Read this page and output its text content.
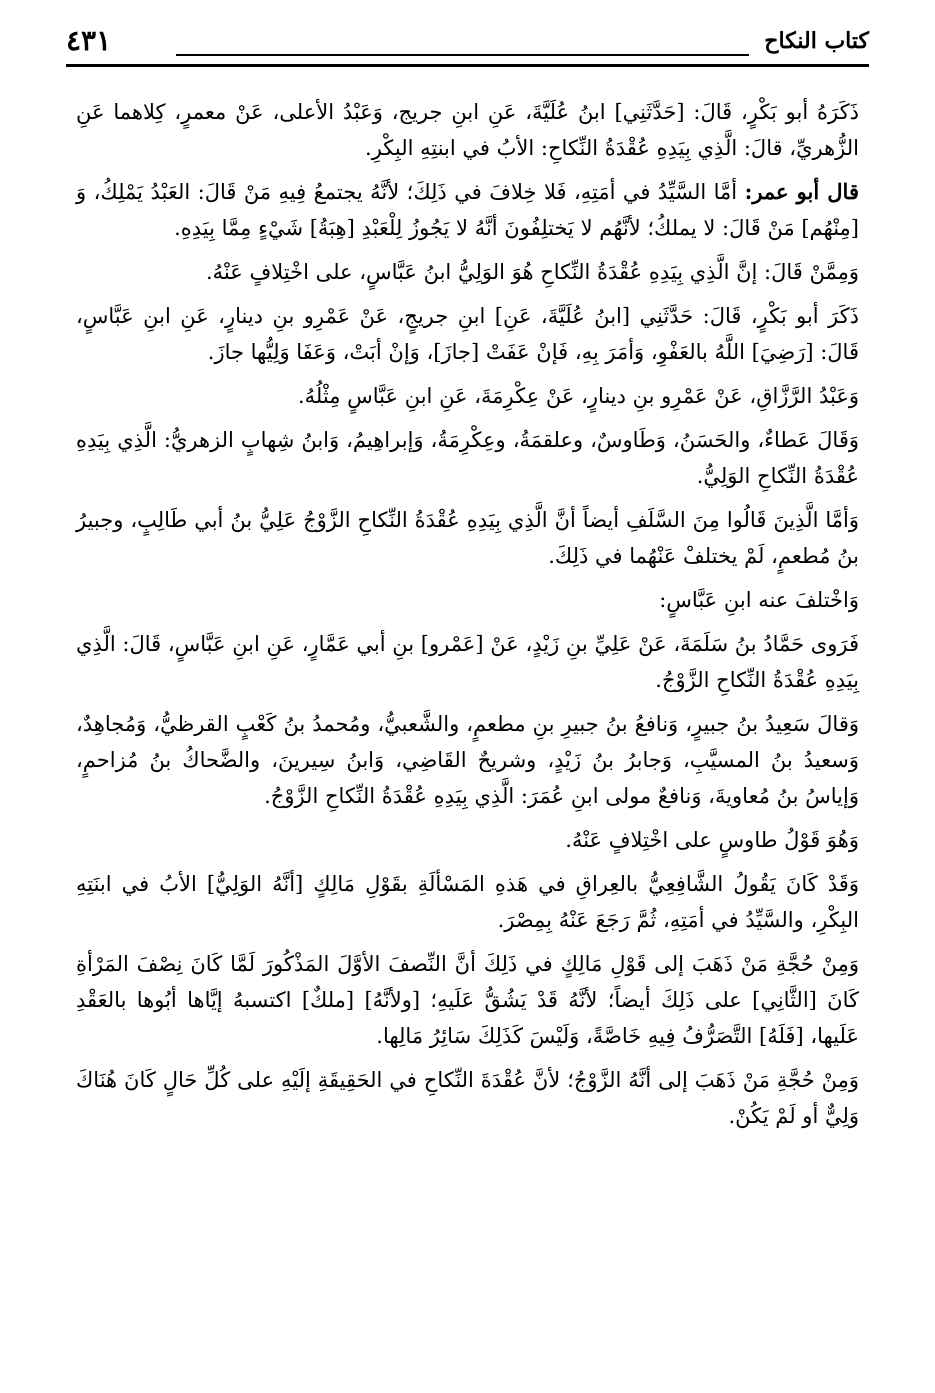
كتاب النكاح
٤٣١

ذَكَرَهُ أبو بَكْرٍ، قَالَ: [حَدَّثَنِي] ابنُ عُلَيَّةَ، عَنِ ابنِ جريج، وَعَبْدُ الأعلى، عَنْ معمرٍ، كِلاهما عَنِ الزُّهريِّ، قالَ: الَّذِي بِيَدِهِ عُقْدَةُ النِّكاحِ: الأبُ في ابنتِهِ البِكْرِ.

قال أبو عمر: أمَّا السَّيِّدُ في أمَتِهِ، فَلا خِلافَ في ذَلِكَ؛ لأنَّهُ يجتمعُ فِيهِ مَنْ قَالَ: العَبْدُ يَمْلِكُ، وَ [مِنْهُم] مَنْ قَالَ: لا يملكُ؛ لأنَّهُم لا يَختلِفُونَ أنَّهُ لا يَجُوزُ لِلْعَبْدِ [هِبَةُ] شَيْءٍ مِمَّا بِيَدِهِ.

وَمِمَّنْ قَالَ: إنَّ الَّذِي بِيَدِهِ عُقْدَةُ النِّكاحِ هُوَ الوَلِيُّ ابنُ عَبَّاسٍ، على اخْتِلافٍ عَنْهُ.

ذَكَرَ أبو بَكْرٍ، قَالَ: حَدَّثَنِي [ابنُ عُلَيَّةَ، عَنِ] ابنِ جريجٍ، عَنْ عَمْرِو بنِ دينارٍ، عَنِ ابنِ عَبَّاسٍ، قَالَ: [رَضِيَ] اللَّهُ بالعَفْوِ، وَأمَرَ بِهِ، فَإنْ عَفَتْ [جازَ]، وَإنْ أبَتْ، وَعَفَا وَلِيُّها جازَ.

وَعَبْدُ الرَّزَّاقِ، عَنْ عَمْرِو بنِ دينارٍ، عَنْ عِكْرِمَةَ، عَنِ ابنِ عَبَّاسٍ مِثْلُهُ.

وَقَالَ عَطاءٌ، والحَسَنُ، وَطَاوسٌ، وعلقمَةُ، وعِكْرِمَةُ، وَإبراهِيمُ، وَابنُ شِهابٍ الزهريُّ: الَّذِي بِيَدِهِ عُقْدَةُ النِّكاحِ الوَلِيُّ.

وَأمَّا الَّذِينَ قَالُوا مِنَ السَّلَفِ أيضاً أنَّ الَّذِي بِيَدِهِ عُقْدَةُ النِّكاحِ الزَّوْجُ عَلِيُّ بنُ أبي طَالِبٍ، وجبيرُ بنُ مُطعمٍ، لَمْ يختلفْ عَنْهُما في ذَلِكَ.

وَاخْتلفَ عنه ابنِ عَبَّاسٍ:

فَرَوى حَمَّادُ بنُ سَلَمَةَ، عَنْ عَلِيِّ بنِ زَيْدٍ، عَنْ [عَمْرو] بنِ أبي عَمَّارٍ، عَنِ ابنِ عَبَّاسٍ، قَالَ: الَّذِي بِيَدِهِ عُقْدَةُ النِّكاحِ الزَّوْجُ.

وَقالَ سَعِيدُ بنُ جبيرٍ، وَنافعُ بنُ جبيرِ بنِ مطعمٍ، والشَّعبيُّ، ومُحمدُ بنُ كَعْبٍ القرظيُّ، وَمُجاهِدٌ، وَسعيدُ بنُ المسيَّبِ، وَجابرُ بنُ زَيْدٍ، وشريحٌ القَاضِي، وَابنُ سِيرينَ، والضَّحاكُ بنُ مُزاحمٍ، وَإياسُ بنُ مُعاويةَ، وَنافعٌ مولى ابنِ عُمَرَ: الَّذِي بِيَدِهِ عُقْدَةُ النِّكاحِ الزَّوْجُ.

وَهُوَ قَوْلُ طاوسٍ على اخْتِلافٍ عَنْهُ.

وَقَدْ كَانَ يَقُولُ الشَّافِعِيُّ بالعِراقِ في هَذهِ المَسْألَةِ بقَوْلِ مَالِكٍ [أنَّهُ الوَلِيُّ] الأبُ في ابنَتِهِ البِكْرِ، والسَّيِّدُ في أمَتِهِ، ثُمَّ رَجَعَ عَنْهُ بِمِصْرَ.

وَمِنْ حُجَّةِ مَنْ ذَهَبَ إلى قَوْلِ مَالِكٍ في ذَلِكَ أنَّ النِّصفَ الأوَّلَ المَذْكُورَ لَمَّا كَانَ نِصْفَ المَرْأةِ كَانَ [الثَّانِي] على ذَلِكَ أيضاً؛ لأنَّهُ قَدْ يَشُقُّ عَلَيهِ؛ [ولأنَّهُ] [ملكٌ] اكتسبهُ إيَّاها أبُوها بالعَقْدِ عَلَيها، [فَلَهُ] التَّصَرُّفُ فِيهِ خَاصَّةً، وَلَيْسَ كَذَلِكَ سَائِرُ مَالِها.

وَمِنْ حُجَّةِ مَنْ ذَهَبَ إلى أنَّهُ الزَّوْجُ؛ لأنَّ عُقْدَةَ النِّكاحِ في الحَقِيقَةِ إلَيْهِ على كُلِّ حَالٍ كَانَ هُنَاكَ وَلِيٌّ أو لَمْ يَكُنْ.
